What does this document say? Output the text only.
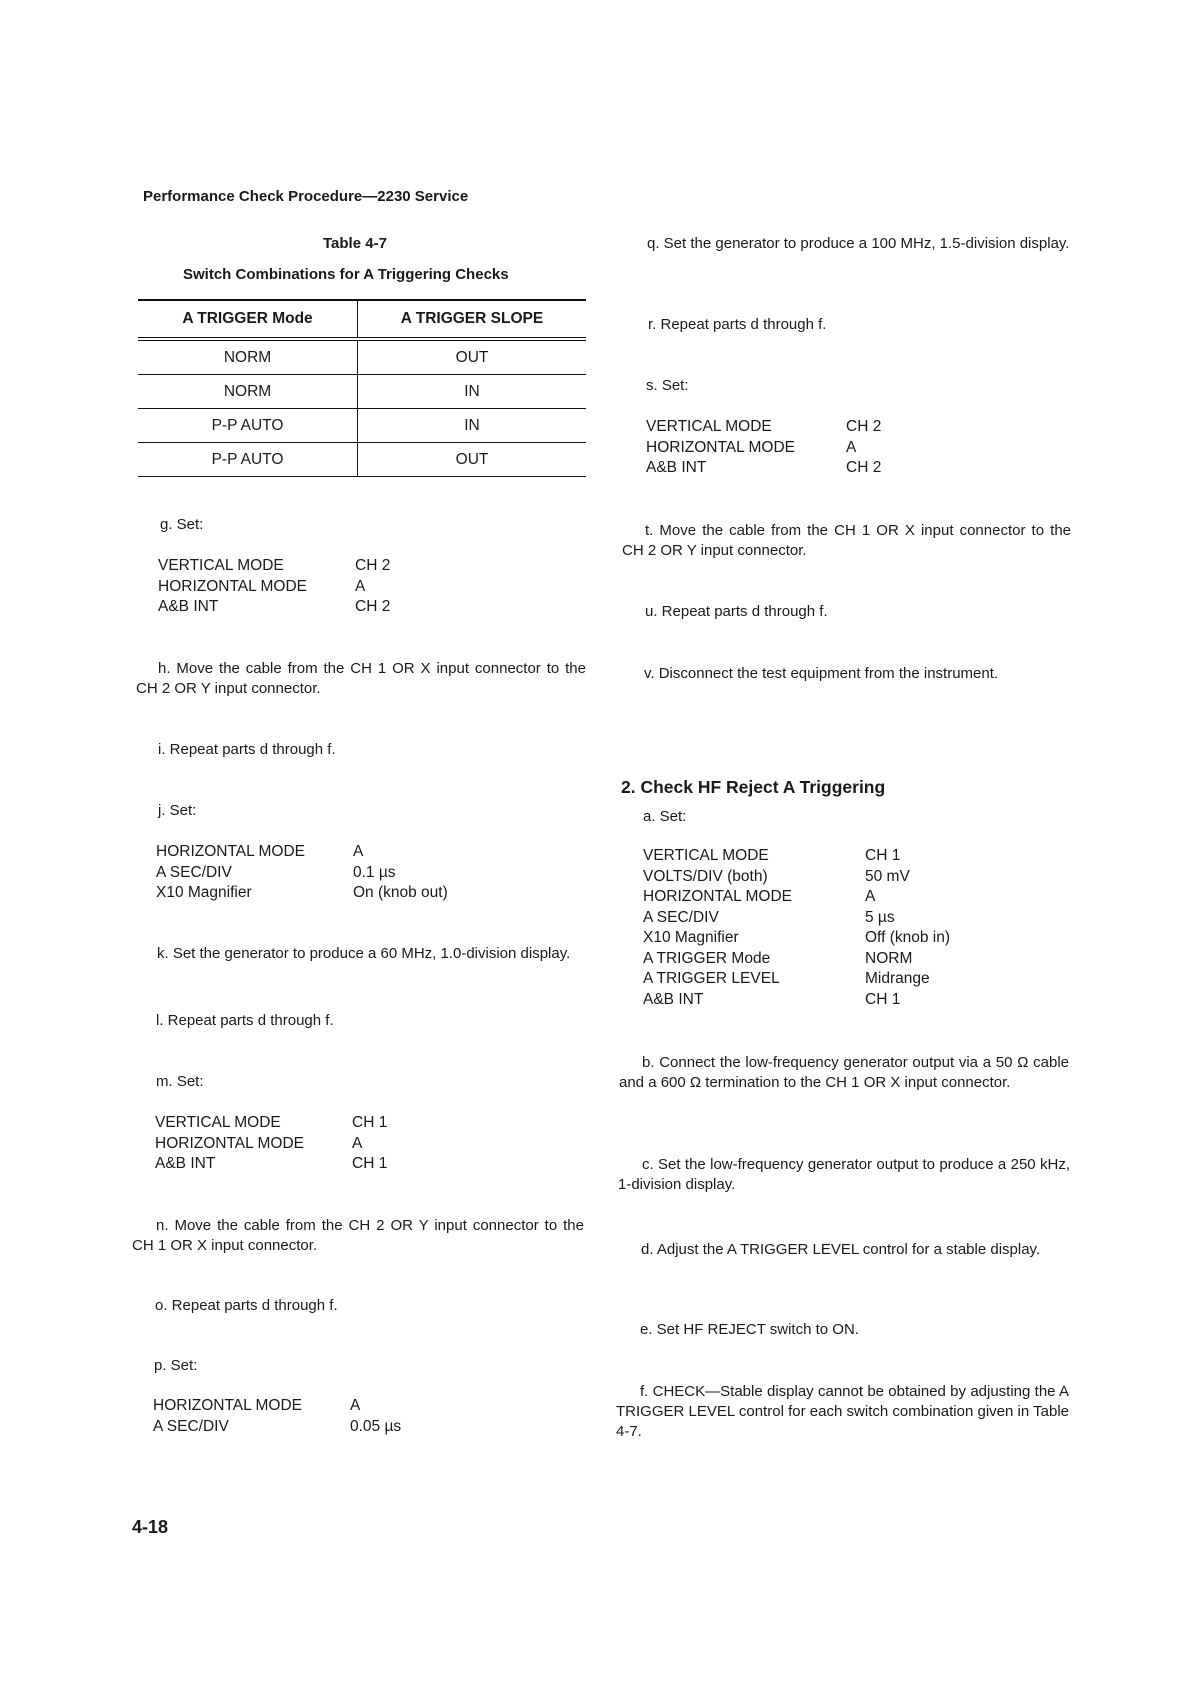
Performance Check Procedure—2230 Service
Table 4-7
Switch Combinations for A Triggering Checks
A TRIGGER Mode	A TRIGGER SLOPE
NORM	OUT
NORM	IN
P-P AUTO	IN
P-P AUTO	OUT
g. Set:
VERTICAL MODE	CH 2
HORIZONTAL MODE	A
A&B INT	CH 2
h. Move the cable from the CH 1 OR X input connector to the CH 2 OR Y input connector.
i. Repeat parts d through f.
j. Set:
HORIZONTAL MODE	A
A SEC/DIV	0.1 µs
X10 Magnifier	On (knob out)
k. Set the generator to produce a 60 MHz, 1.0-division display.
l. Repeat parts d through f.
m. Set:
VERTICAL MODE	CH 1
HORIZONTAL MODE	A
A&B INT	CH 1
n. Move the cable from the CH 2 OR Y input connector to the CH 1 OR X input connector.
o. Repeat parts d through f.
p. Set:
HORIZONTAL MODE	A
A SEC/DIV	0.05 µs
q. Set the generator to produce a 100 MHz, 1.5-division display.
r. Repeat parts d through f.
s. Set:
VERTICAL MODE	CH 2
HORIZONTAL MODE	A
A&B INT	CH 2
t. Move the cable from the CH 1 OR X input connector to the CH 2 OR Y input connector.
u. Repeat parts d through f.
v. Disconnect the test equipment from the instrument.
2. Check HF Reject A Triggering
a. Set:
VERTICAL MODE	CH 1
VOLTS/DIV (both)	50 mV
HORIZONTAL MODE	A
A SEC/DIV	5 µs
X10 Magnifier	Off (knob in)
A TRIGGER Mode	NORM
A TRIGGER LEVEL	Midrange
A&B INT	CH 1
b. Connect the low-frequency generator output via a 50 Ω cable and a 600 Ω termination to the CH 1 OR X input connector.
c. Set the low-frequency generator output to produce a 250 kHz, 1-division display.
d. Adjust the A TRIGGER LEVEL control for a stable display.
e. Set HF REJECT switch to ON.
f. CHECK—Stable display cannot be obtained by adjusting the A TRIGGER LEVEL control for each switch combination given in Table 4-7.
4-18
